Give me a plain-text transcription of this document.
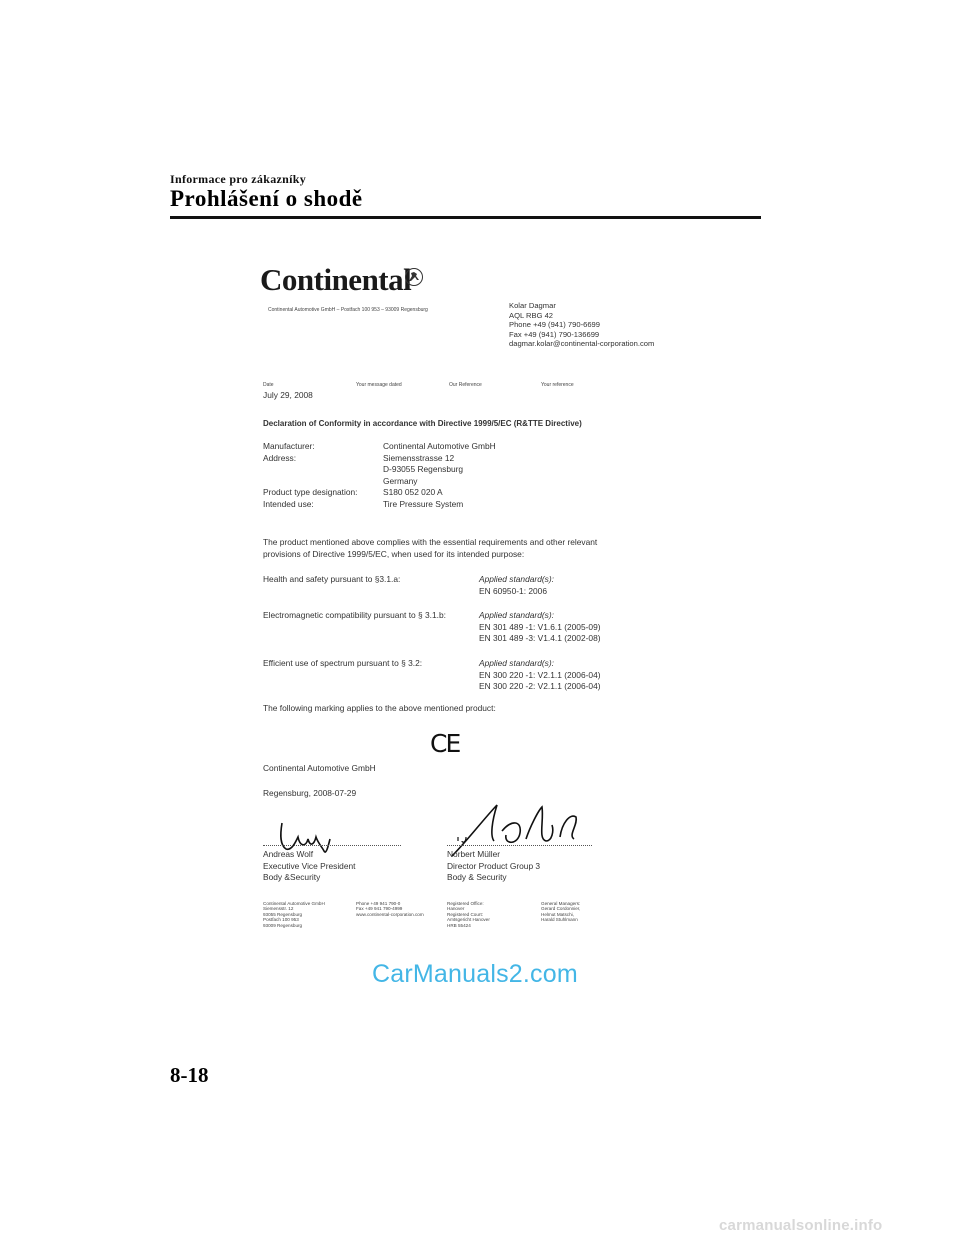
Informace pro zákazníky
Prohlášení o shodě
Continental
Continental Automotive GmbH – Postfach 100 953 – 93009 Regensburg	Kolar Dagmar
AQL RBG 42
Phone +49 (941) 790-6699
Fax +49 (941) 790-136699
dagmar.kolar@continental-corporation.com
Date	Your message dated	Our Reference	Your reference
July 29, 2008
Declaration of Conformity in accordance with Directive 1999/5/EC (R&TTE Directive)
Manufacturer:	Continental Automotive GmbH
Address:	Siemensstrasse 12
D-93055 Regensburg
Germany
Product type designation:	S180 052 020 A
Intended use:	Tire Pressure System
The product mentioned above complies with the essential requirements and other relevant
provisions of Directive 1999/5/EC, when used for its intended purpose:
Health and safety pursuant to §3.1.a:	Applied standard(s):
EN 60950-1: 2006
Electromagnetic compatibility pursuant to § 3.1.b:	Applied standard(s):
EN 301 489 -1: V1.6.1 (2005-09)
EN 301 489 -3: V1.4.1 (2002-08)
Efficient use of spectrum pursuant to § 3.2:	Applied standard(s):
EN 300 220 -1: V2.1.1 (2006-04)
EN 300 220 -2: V2.1.1 (2006-04)
The following marking applies to the above mentioned product:
CE
Continental Automotive GmbH
Regensburg, 2008-07-29
Andreas Wolf
Executive Vice President
Body &Security
Norbert Müller
Director Product Group 3
Body & Security
Continental Automotive GmbH
Siemensstr. 12
93055 Regensburg
Postfach 100 953
93009 Regensburg
Phone +49 941 790-0
Fax +49 941 790-4999
www.continental-corporation.com
Registered Office:
Hanover
Registered Court:
Amtsgericht Hanover
HRB 55424
General Managers:
Gerard Cordonnier,
Helmut Matschi,
Harald Stuhlmann
CarManuals2.com
8-18
carmanualsonline.info
